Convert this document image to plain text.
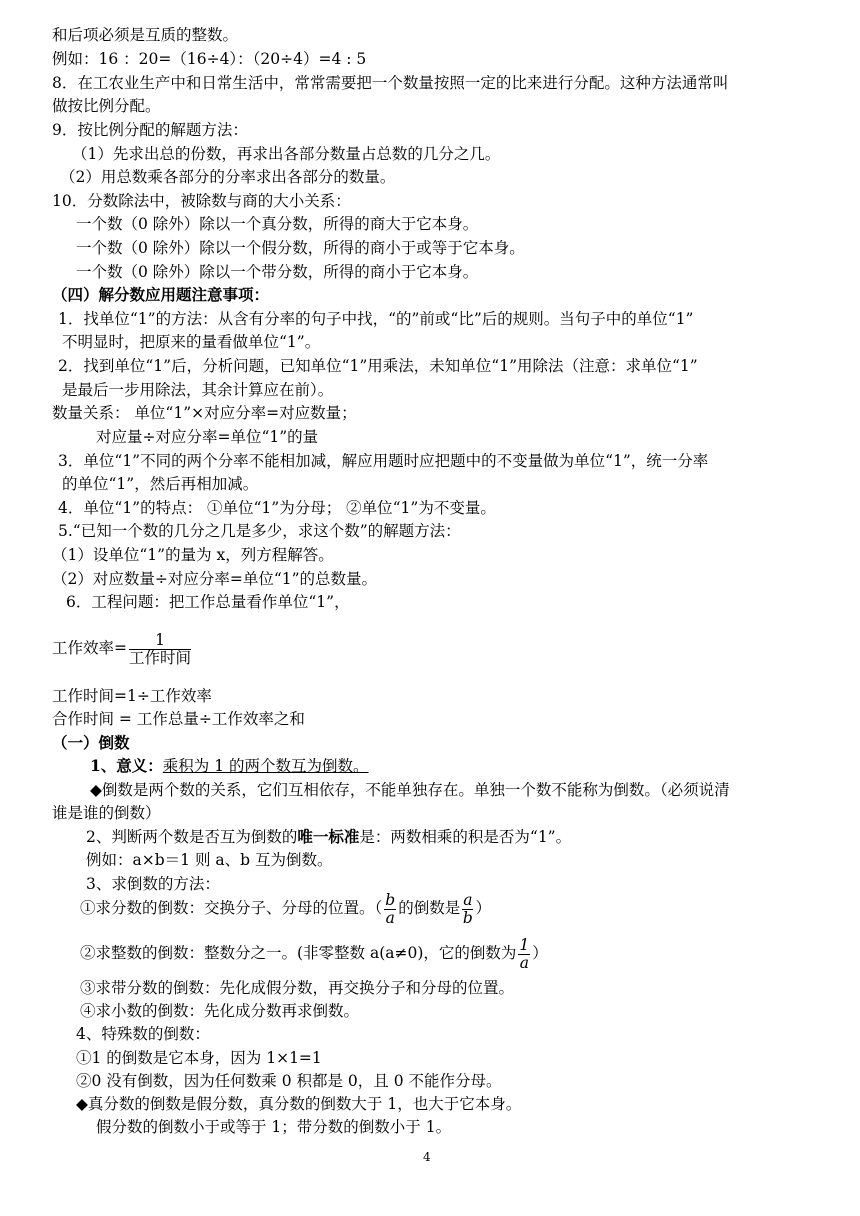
和后项必须是互质的整数。
例如：16 ：20=（16÷4）：（20÷4）=4 : 5
8．在工农业生产中和日常生活中，常常需要把一个数量按照一定的比来进行分配。这种方法通常叫
做按比例分配。
9．按比例分配的解题方法：
（1）先求出总的份数，再求出各部分数量占总数的几分之几。
（2）用总数乘各部分的分率求出各部分的数量。
10．分数除法中，被除数与商的大小关系：
一个数（0 除外）除以一个真分数，所得的商大于它本身。
一个数（0 除外）除以一个假分数，所得的商小于或等于它本身。
一个数（0 除外）除以一个带分数，所得的商小于它本身。
（四）解分数应用题注意事项：
1．找单位“1”的方法：从含有分率的句子中找，“的”前或“比”后的规则。当句子中的单位“1”
不明显时，把原来的量看做单位“1”。
2．找到单位“1”后，分析问题，已知单位“1”用乘法，未知单位“1”用除法（注意：求单位“1”
是最后一步用除法，其余计算应在前）。
数量关系： 单位“1”×对应分率=对应数量；
对应量÷对应分率=单位“1”的量
3．单位“1”不同的两个分率不能相加减，解应用题时应把题中的不变量做为单位“1”，统一分率
的单位“1”，然后再相加减。
4．单位“1”的特点： ①单位“1”为分母； ②单位“1”为不变量。
5.“已知一个数的几分之几是多少，求这个数”的解题方法：
（1）设单位“1”的量为 x，列方程解答。
（2）对应数量÷对应分率=单位“1”的总数量。
6．工程问题：把工作总量看作单位“1”，
工作效率= $\frac{1}{\text{工作时间}}$
工作时间=1÷工作效率
合作时间 = 工作总量÷工作效率之和
（一）倒数
1、意义：乘积为 1 的两个数互为倒数。
◆倒数是两个数的关系，它们互相依存，不能单独存在。单独一个数不能称为倒数。（必须说清
谁是谁的倒数）
2、判断两个数是否互为倒数的唯一标准是：两数相乘的积是否为“1”。
例如：a×b＝1 则 a、b 互为倒数。
3、求倒数的方法：
①求分数的倒数：交换分子、分母的位置。（ $\frac{b}{a}$ 的倒数是 $\frac{a}{b}$ ）
②求整数的倒数：整数分之一。(非零整数 a(a≠0)，它的倒数为 $\frac{1}{a}$ ）
③求带分数的倒数：先化成假分数，再交换分子和分母的位置。
④求小数的倒数：先化成分数再求倒数。
4、特殊数的倒数：
①1 的倒数是它本身，因为 1×1=1
②0 没有倒数，因为任何数乘 0 积都是 0，且 0 不能作分母。
◆真分数的倒数是假分数，真分数的倒数大于 1，也大于它本身。
假分数的倒数小于或等于 1；带分数的倒数小于 1。
4
